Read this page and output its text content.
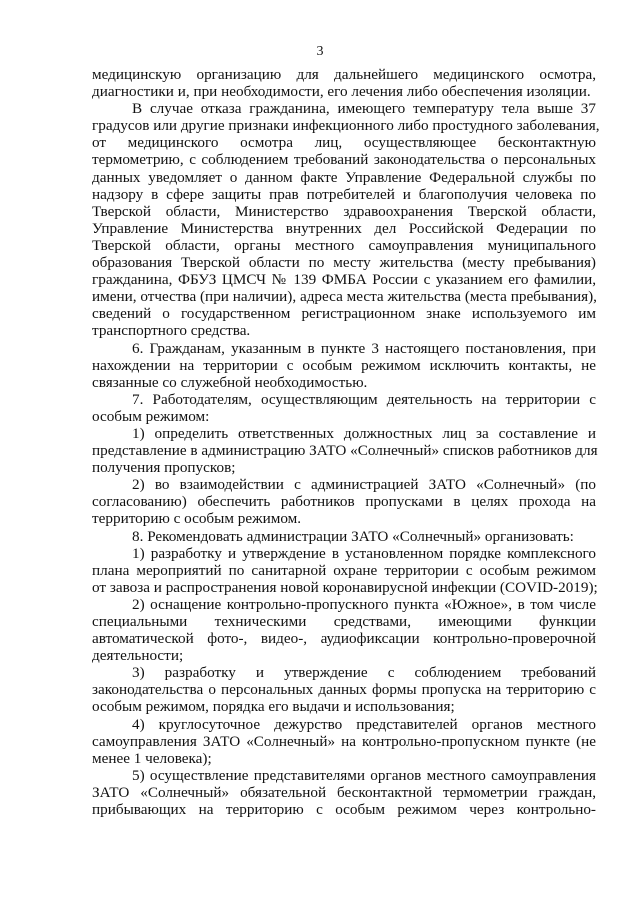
3
медицинскую организацию для дальнейшего медицинского осмотра,
диагностики и, при необходимости, его лечения либо обеспечения изоляции.
В случае отказа гражданина, имеющего температуру тела выше 37
градусов или другие признаки инфекционного либо простудного заболевания,
от медицинского осмотра лиц, осуществляющее бесконтактную
термометрию, с соблюдением требований законодательства о персональных
данных уведомляет о данном факте Управление Федеральной службы по
надзору в сфере защиты прав потребителей и благополучия человека по
Тверской области, Министерство здравоохранения Тверской области,
Управление Министерства внутренних дел Российской Федерации по
Тверской области, органы местного самоуправления муниципального
образования Тверской области по месту жительства (месту пребывания)
гражданина, ФБУЗ ЦМСЧ № 139 ФМБА России с указанием его фамилии,
имени, отчества (при наличии), адреса места жительства (места пребывания),
сведений о государственном регистрационном знаке используемого им
транспортного средства.
6. Гражданам, указанным в пункте 3 настоящего постановления, при
нахождении на территории с особым режимом исключить контакты, не
связанные со служебной необходимостью.
7. Работодателям, осуществляющим деятельность на территории с
особым режимом:
1) определить ответственных должностных лиц за составление и
представление в администрацию ЗАТО «Солнечный» списков работников для
получения пропусков;
2) во взаимодействии с администрацией ЗАТО «Солнечный» (по
согласованию) обеспечить работников пропусками в целях прохода на
территорию с особым режимом.
8. Рекомендовать администрации ЗАТО «Солнечный» организовать:
1) разработку и утверждение в установленном порядке комплексного
плана мероприятий по санитарной охране территории с особым режимом
от завоза и распространения новой коронавирусной инфекции (COVID-2019);
2) оснащение контрольно-пропускного пункта «Южное», в том числе
специальными техническими средствами, имеющими функции
автоматической фото-, видео-, аудиофиксации контрольно-проверочной
деятельности;
3) разработку и утверждение с соблюдением требований
законодательства о персональных данных формы пропуска на территорию с
особым режимом, порядка его выдачи и использования;
4) круглосуточное дежурство представителей органов местного
самоуправления ЗАТО «Солнечный» на контрольно-пропускном пункте (не
менее 1 человека);
5) осуществление представителями органов местного самоуправления
ЗАТО «Солнечный» обязательной бесконтактной термометрии граждан,
прибывающих на территорию с особым режимом через контрольно-
